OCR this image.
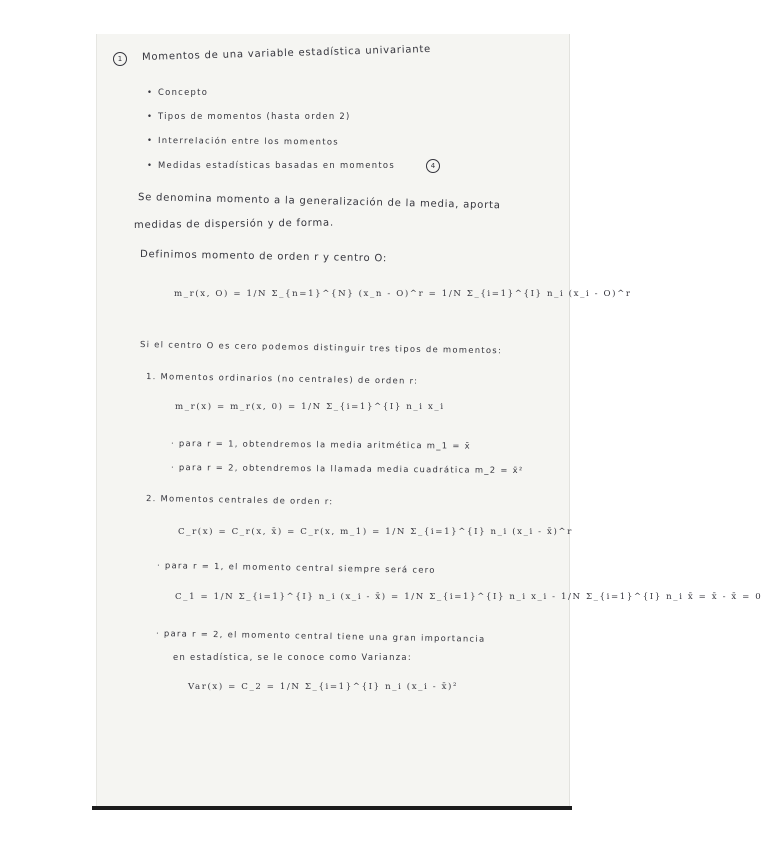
1	Momentos de una variable estadística univariante
• Concepto
• Tipos de momentos (hasta orden 2)
• Interrelación entre los momentos
• Medidas estadísticas basadas en momentos	4
Se denomina momento a la generalización de la media, aporta
medidas de dispersión y de forma.
Definimos momento de orden r y centro O:
m_r(x, O) = 1/N Σ_{n=1}^{N} (x_n - O)^r = 1/N Σ_{i=1}^{I} n_i (x_i - O)^r
Si el centro O es cero podemos distinguir tres tipos de momentos:
1. Momentos ordinarios (no centrales) de orden r:
m_r(x) = m_r(x, 0) = 1/N Σ_{i=1}^{I} n_i x_i
· para r = 1, obtendremos la media aritmética m_1 = x̄
· para r = 2, obtendremos la llamada media cuadrática m_2 = x̄²
2. Momentos centrales de orden r:
C_r(x) = C_r(x, x̄) = C_r(x, m_1) = 1/N Σ_{i=1}^{I} n_i (x_i - x̄)^r
· para r = 1, el momento central siempre será cero
C_1 = 1/N Σ_{i=1}^{I} n_i (x_i - x̄) = 1/N Σ_{i=1}^{I} n_i x_i - 1/N Σ_{i=1}^{I} n_i x̄ = x̄ - x̄ = 0
· para r = 2, el momento central tiene una gran importancia
en estadística, se le conoce como Varianza:
Var(x) = C_2 = 1/N Σ_{i=1}^{I} n_i (x_i - x̄)²
